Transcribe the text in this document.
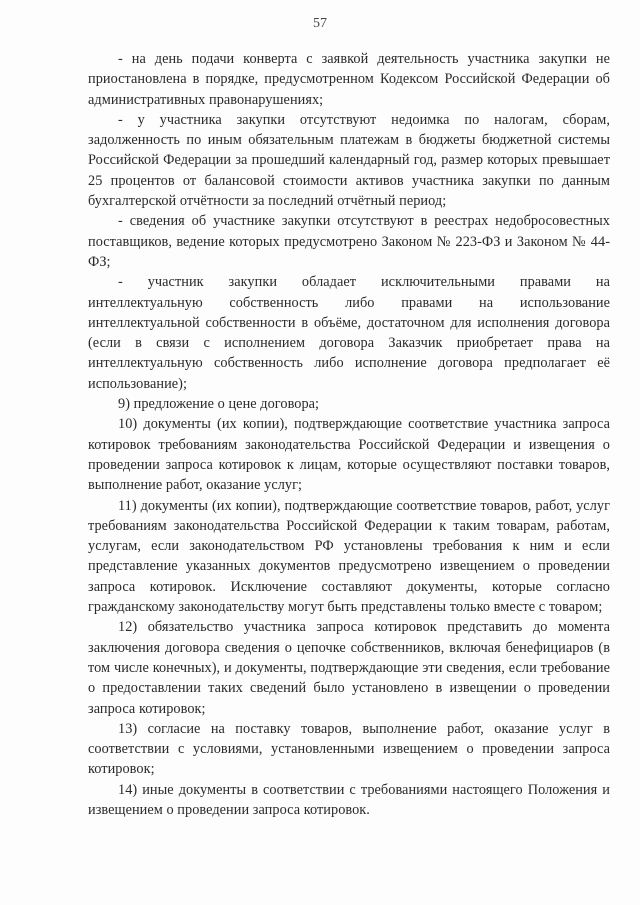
57

- на день подачи конверта с заявкой деятельность участника закупки не приостановлена в порядке, предусмотренном Кодексом Российской Федерации об административных правонарушениях;

- у участника закупки отсутствуют недоимка по налогам, сборам, задолженность по иным обязательным платежам в бюджеты бюджетной системы Российской Федерации за прошедший календарный год, размер которых превышает 25 процентов от балансовой стоимости активов участника закупки по данным бухгалтерской отчётности за последний отчётный период;

- сведения об участнике закупки отсутствуют в реестрах недобросовестных поставщиков, ведение которых предусмотрено Законом № 223-ФЗ и Законом № 44-ФЗ;

- участник закупки обладает исключительными правами на интеллектуальную собственность либо правами на использование интеллектуальной собственности в объёме, достаточном для исполнения договора (если в связи с исполнением договора Заказчик приобретает права на интеллектуальную собственность либо исполнение договора предполагает её использование);

9) предложение о цене договора;

10) документы (их копии), подтверждающие соответствие участника запроса котировок требованиям законодательства Российской Федерации и извещения о проведении запроса котировок к лицам, которые осуществляют поставки товаров, выполнение работ, оказание услуг;

11) документы (их копии), подтверждающие соответствие товаров, работ, услуг требованиям законодательства Российской Федерации к таким товарам, работам, услугам, если законодательством РФ установлены требования к ним и если представление указанных документов предусмотрено извещением о проведении запроса котировок. Исключение составляют документы, которые согласно гражданскому законодательству могут быть представлены только вместе с товаром;

12) обязательство участника запроса котировок представить до момента заключения договора сведения о цепочке собственников, включая бенефициаров (в том числе конечных), и документы, подтверждающие эти сведения, если требование о предоставлении таких сведений было установлено в извещении о проведении запроса котировок;

13) согласие на поставку товаров, выполнение работ, оказание услуг в соответствии с условиями, установленными извещением о проведении запроса котировок;

14) иные документы в соответствии с требованиями настоящего Положения и извещением о проведении запроса котировок.
